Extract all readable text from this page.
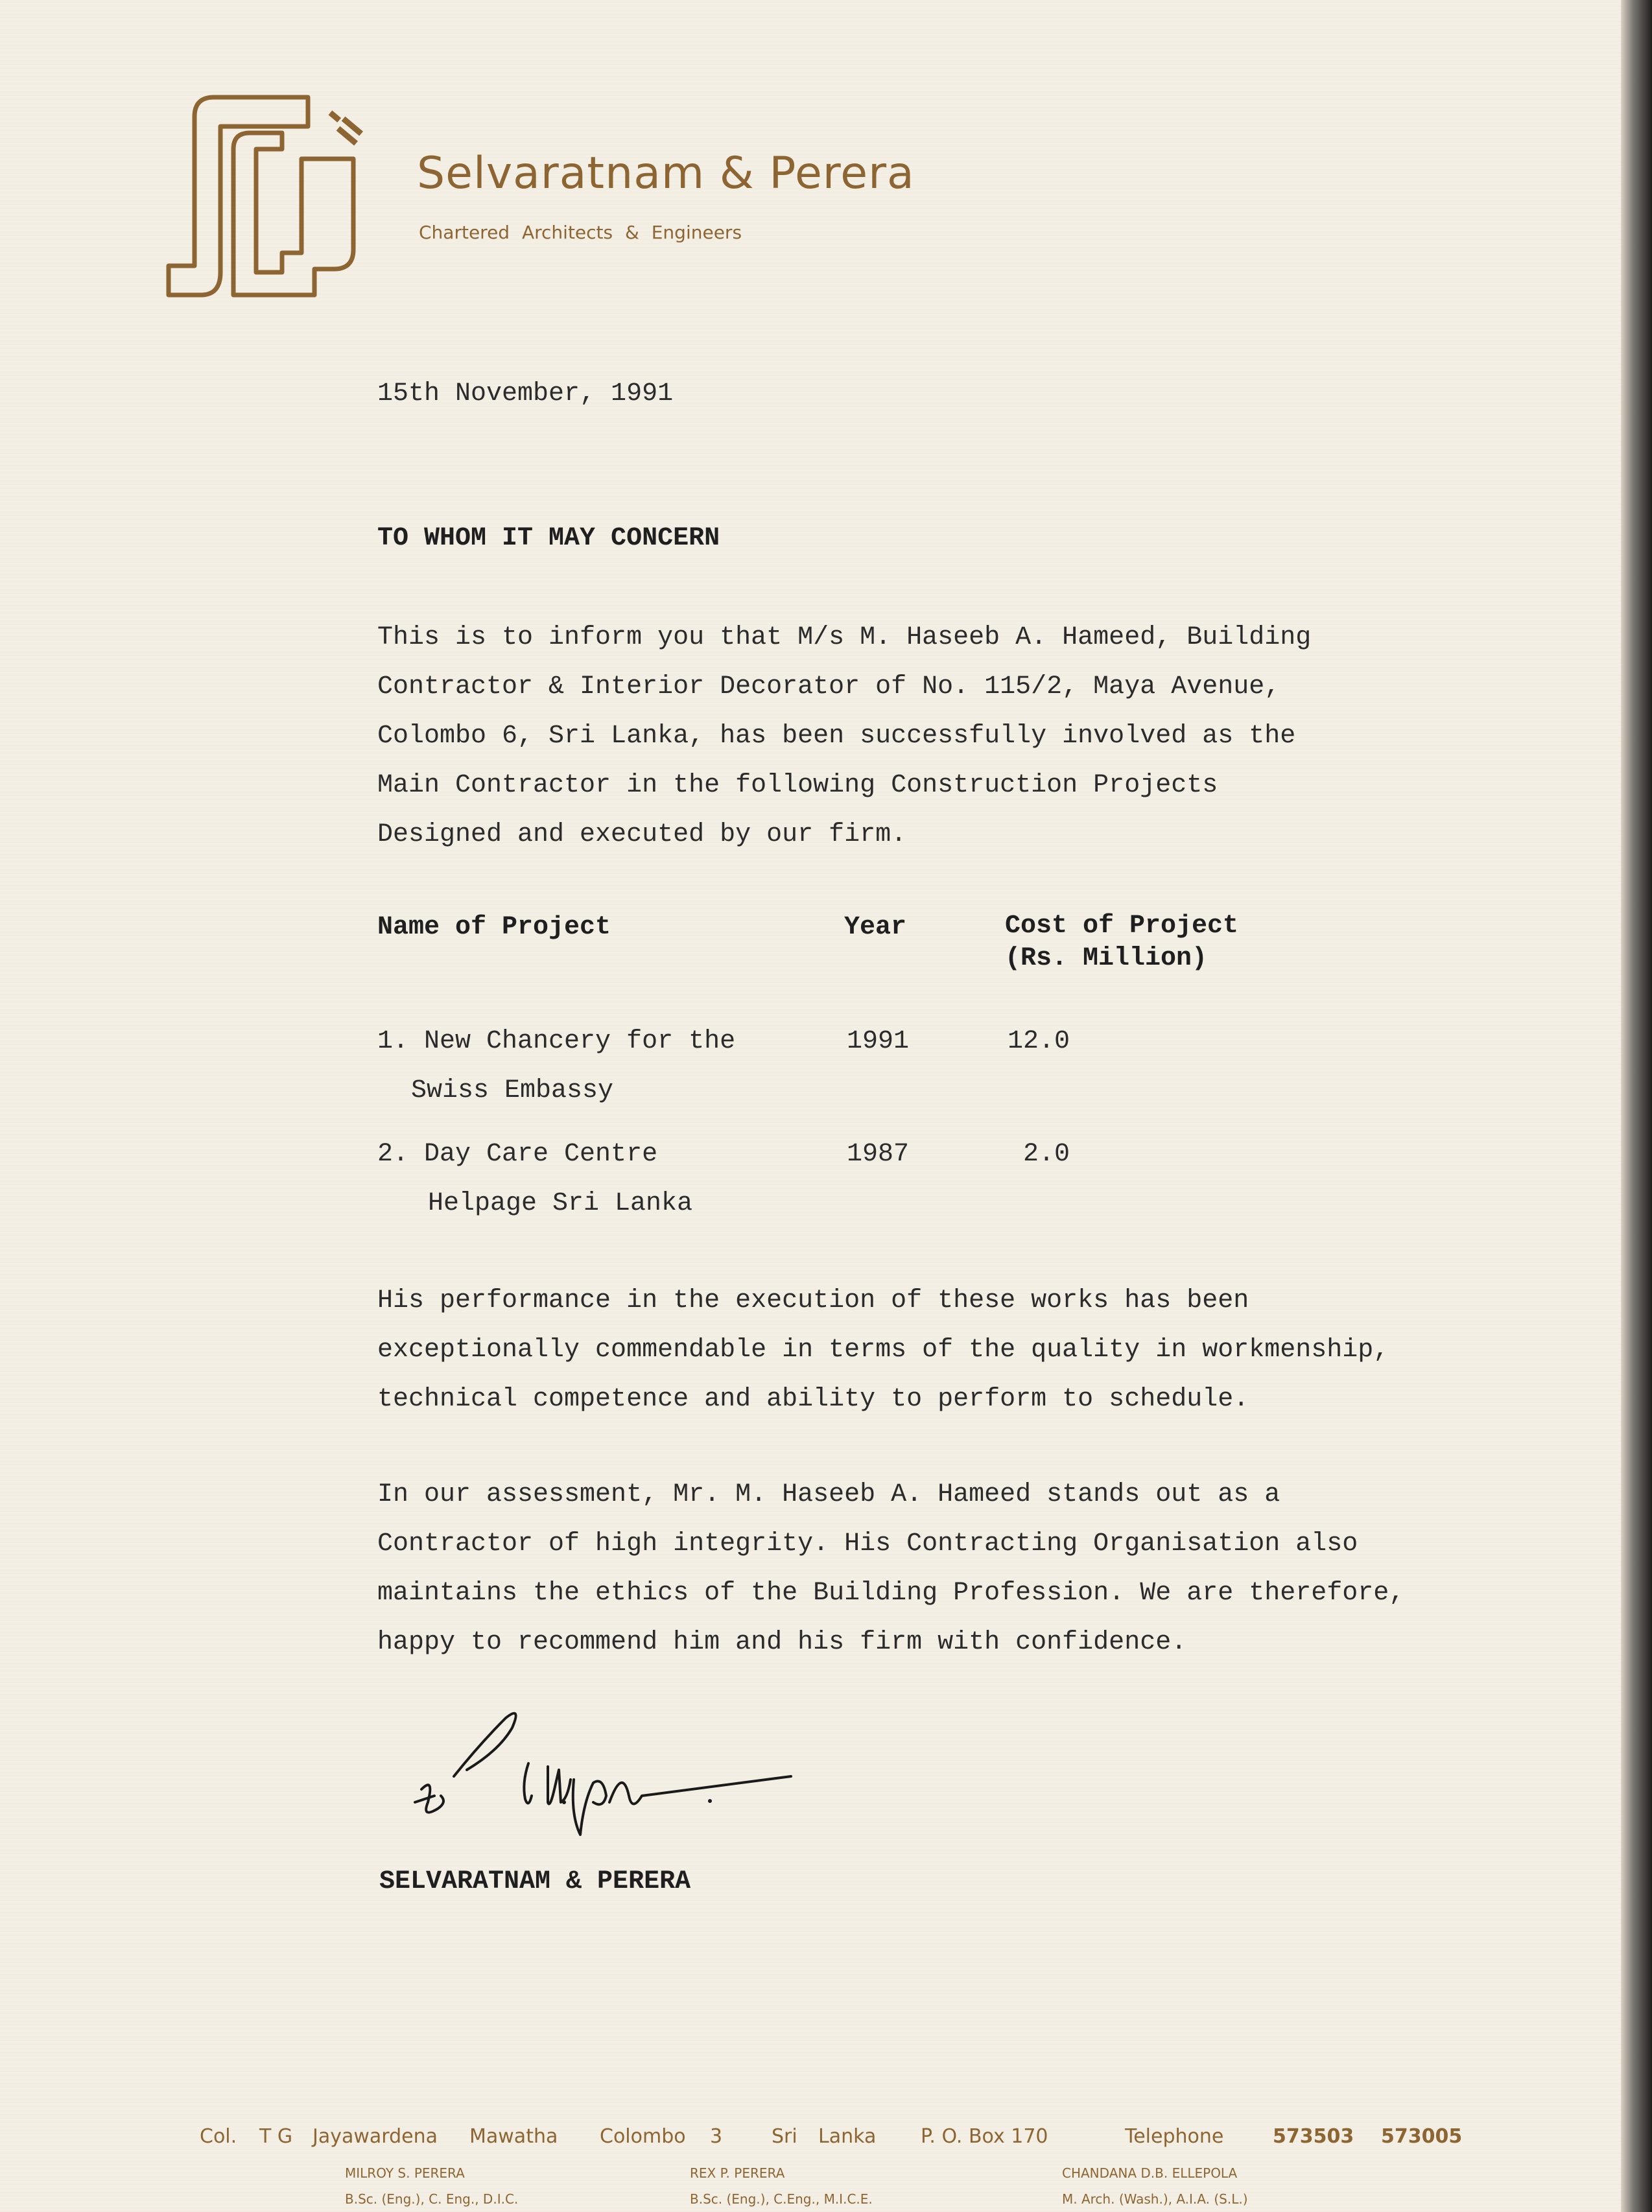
Selvaratnam & Perera
Chartered Architects & Engineers
15th November, 1991
TO WHOM IT MAY CONCERN
This is to inform you that M/s M. Haseeb A. Hameed, Building
Contractor & Interior Decorator of No. 115/2, Maya Avenue,
Colombo 6, Sri Lanka, has been successfully involved as the
Main Contractor in the following Construction Projects
Designed and executed by our firm.
Name of Project	Year	Cost of Project
(Rs. Million)
1. New Chancery for the
Swiss Embassy
1991	12.0
2. Day Care Centre
Helpage Sri Lanka
1987	2.0
His performance in the execution of these works has been
exceptionally commendable in terms of the quality in workmenship,
technical competence and ability to perform to schedule.
In our assessment, Mr. M. Haseeb A. Hameed stands out as a
Contractor of high integrity. His Contracting Organisation also
maintains the ethics of the Building Profession. We are therefore,
happy to recommend him and his firm with confidence.
SELVARATNAM & PERERA
Col. T G Jayawardena Mawatha Colombo 3	Sri Lanka P. O. Box 170	Telephone	573503 573005
MILROY S. PERERA
B.Sc. (Eng.), C. Eng., D.I.C.
REX P. PERERA
B.Sc. (Eng.), C.Eng., M.I.C.E.
CHANDANA D.B. ELLEPOLA
M. Arch. (Wash.), A.I.A. (S.L.)
